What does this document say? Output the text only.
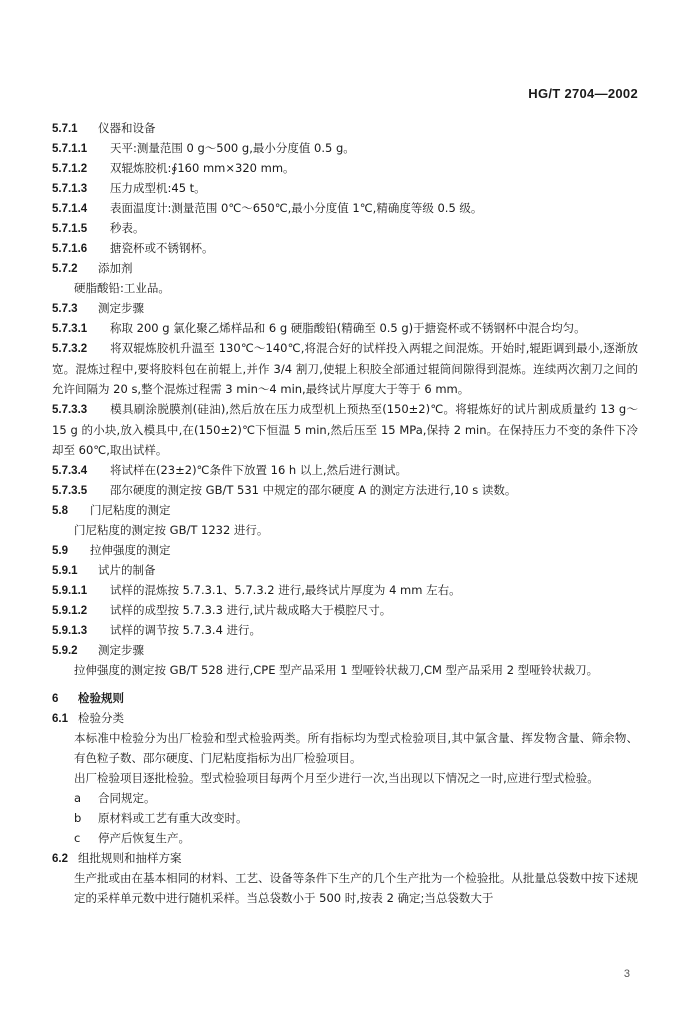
HG/T 2704—2002
5.7.1 仪器和设备
5.7.1.1 天平:测量范围 0 g～500 g,最小分度值 0.5 g。
5.7.1.2 双辊炼胶机:∮160 mm×320 mm。
5.7.1.3 压力成型机:45 t。
5.7.1.4 表面温度计:测量范围 0℃～650℃,最小分度值 1℃,精确度等级 0.5 级。
5.7.1.5 秒表。
5.7.1.6 搪瓷杯或不锈钢杯。
5.7.2 添加剂
硬脂酸铅:工业品。
5.7.3 测定步骤
5.7.3.1 称取 200 g 氯化聚乙烯样品和 6 g 硬脂酸铅(精确至 0.5 g)于搪瓷杯或不锈钢杯中混合均匀。
5.7.3.2 将双辊炼胶机升温至 130℃～140℃,将混合好的试样投入两辊之间混炼。开始时,辊距调到最小,逐渐放宽。混炼过程中,要将胶料包在前辊上,并作 3/4 割刀,使辊上积胶全部通过辊筒间隙得到混炼。连续两次割刀之间的允许间隔为 20 s,整个混炼过程需 3 min～4 min,最终试片厚度大于等于 6 mm。
5.7.3.3 模具刷涂脱膜剂(硅油),然后放在压力成型机上预热至(150±2)℃。将辊炼好的试片割成质量约 13 g～15 g 的小块,放入模具中,在(150±2)℃下恒温 5 min,然后压至 15 MPa,保持 2 min。在保持压力不变的条件下冷却至 60℃,取出试样。
5.7.3.4 将试样在(23±2)℃条件下放置 16 h 以上,然后进行测试。
5.7.3.5 邵尔硬度的测定按 GB/T 531 中规定的邵尔硬度 A 的测定方法进行,10 s 读数。
5.8 门尼粘度的测定
门尼粘度的测定按 GB/T 1232 进行。
5.9 拉伸强度的测定
5.9.1 试片的制备
5.9.1.1 试样的混炼按 5.7.3.1、5.7.3.2 进行,最终试片厚度为 4 mm 左右。
5.9.1.2 试样的成型按 5.7.3.3 进行,试片裁成略大于模腔尺寸。
5.9.1.3 试样的调节按 5.7.3.4 进行。
5.9.2 测定步骤
拉伸强度的测定按 GB/T 528 进行,CPE 型产品采用 1 型哑铃状裁刀,CM 型产品采用 2 型哑铃状裁刀。
6 检验规则
6.1 检验分类
本标准中检验分为出厂检验和型式检验两类。所有指标均为型式检验项目,其中氯含量、挥发物含量、筛余物、有色粒子数、邵尔硬度、门尼粘度指标为出厂检验项目。
出厂检验项目逐批检验。型式检验项目每两个月至少进行一次,当出现以下情况之一时,应进行型式检验。
a 合同规定。
b 原材料或工艺有重大改变时。
c 停产后恢复生产。
6.2 组批规则和抽样方案
生产批或由在基本相同的材料、工艺、设备等条件下生产的几个生产批为一个检验批。从批量总袋数中按下述规定的采样单元数中进行随机采样。当总袋数小于 500 时,按表 2 确定;当总袋数大于
3
